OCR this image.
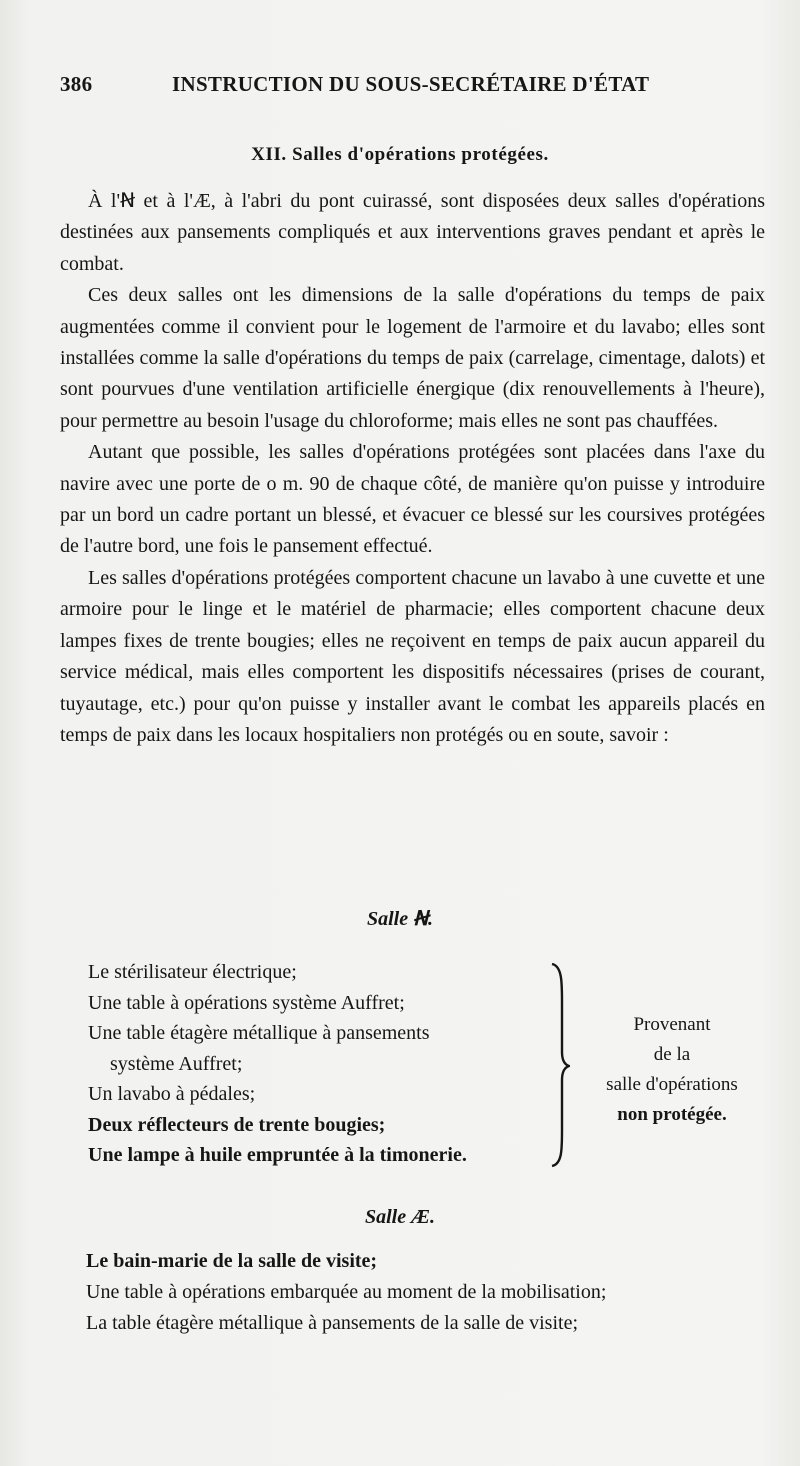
386	INSTRUCTION DU SOUS-SECRÉTAIRE D'ÉTAT
XII. Salles d'opérations protégées.

À l'Ꞥ et à l'Æ, à l'abri du pont cuirassé, sont disposées deux salles d'opérations destinées aux pansements compliqués et aux interventions graves pendant et après le combat.

Ces deux salles ont les dimensions de la salle d'opérations du temps de paix augmentées comme il convient pour le logement de l'armoire et du lavabo; elles sont installées comme la salle d'opérations du temps de paix (carrelage, cimentage, dalots) et sont pourvues d'une ventilation artificielle énergique (dix renouvellements à l'heure), pour permettre au besoin l'usage du chloroforme; mais elles ne sont pas chauffées.

Autant que possible, les salles d'opérations protégées sont placées dans l'axe du navire avec une porte de o m. 90 de chaque côté, de manière qu'on puisse y introduire par un bord un cadre portant un blessé, et évacuer ce blessé sur les coursives protégées de l'autre bord, une fois le pansement effectué.

Les salles d'opérations protégées comportent chacune un lavabo à une cuvette et une armoire pour le linge et le matériel de pharmacie; elles comportent chacune deux lampes fixes de trente bougies; elles ne reçoivent en temps de paix aucun appareil du service médical, mais elles comportent les dispositifs nécessaires (prises de courant, tuyautage, etc.) pour qu'on puisse y installer avant le combat les appareils placés en temps de paix dans les locaux hospitaliers non protégés ou en soute, savoir :

Salle Ꞥ.
Le stérilisateur électrique;
Une table à opérations système Auffret;
Une table étagère métallique à pansements
système Auffret;
Un lavabo à pédales;
Deux réflecteurs de trente bougies;
Une lampe à huile empruntée à la timonerie.
Provenant
de la
salle d'opérations
non protégée.
Salle Æ.
Le bain-marie de la salle de visite;
Une table à opérations embarquée au moment de la mobilisation;
La table étagère métallique à pansements de la salle de visite;
